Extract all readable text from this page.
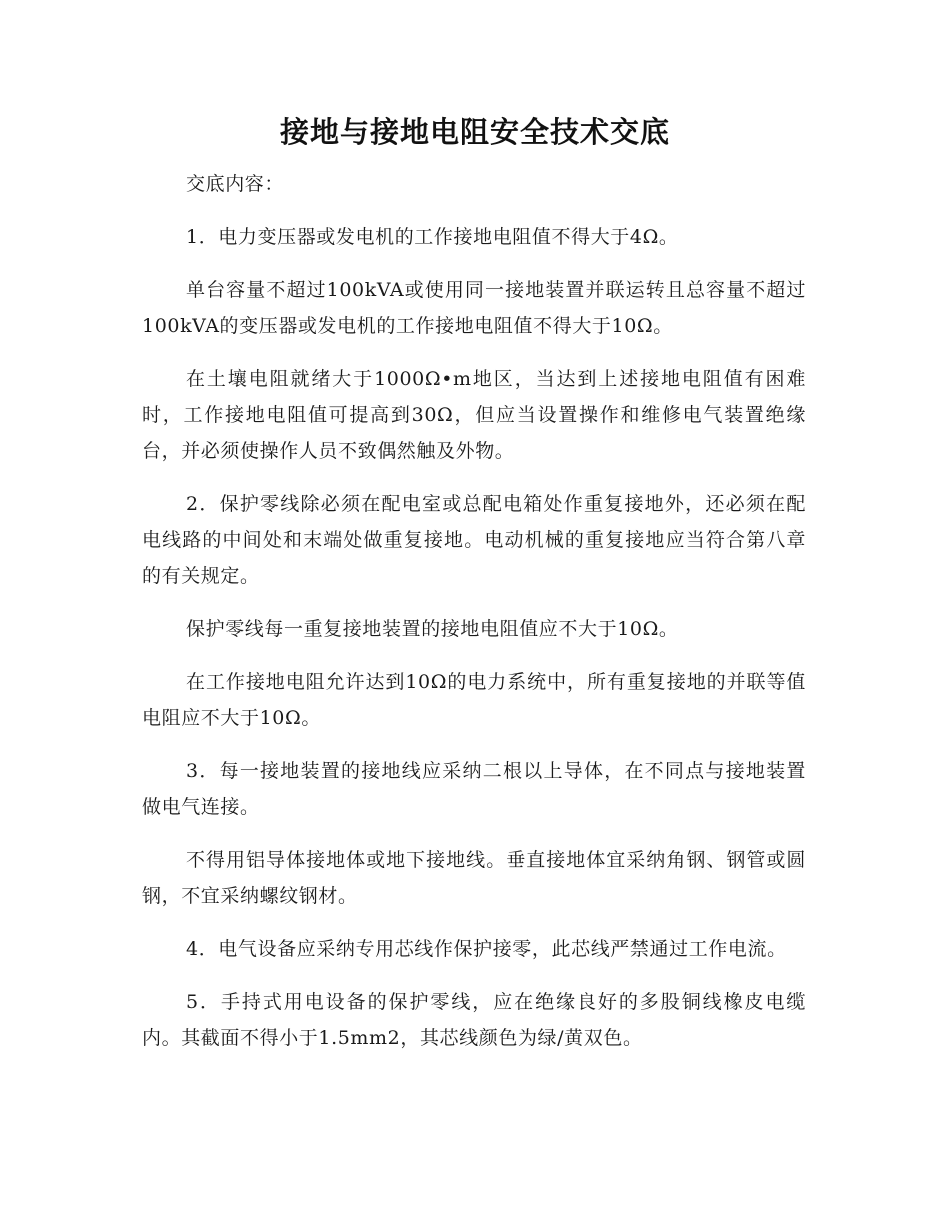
接地与接地电阻安全技术交底

交底内容：

1．电力变压器或发电机的工作接地电阻值不得大于4Ω。

单台容量不超过100kVA或使用同一接地装置并联运转且总容量不超过100kVA的变压器或发电机的工作接地电阻值不得大于10Ω。

在土壤电阻就绪大于1000Ω•m地区，当达到上述接地电阻值有困难时，工作接地电阻值可提高到30Ω，但应当设置操作和维修电气装置绝缘台，并必须使操作人员不致偶然触及外物。

2．保护零线除必须在配电室或总配电箱处作重复接地外，还必须在配电线路的中间处和末端处做重复接地。电动机械的重复接地应当符合第八章的有关规定。

保护零线每一重复接地装置的接地电阻值应不大于10Ω。

在工作接地电阻允许达到10Ω的电力系统中，所有重复接地的并联等值电阻应不大于10Ω。

3．每一接地装置的接地线应采纳二根以上导体，在不同点与接地装置做电气连接。

不得用铝导体接地体或地下接地线。垂直接地体宜采纳角钢、钢管或圆钢，不宜采纳螺纹钢材。

4．电气设备应采纳专用芯线作保护接零，此芯线严禁通过工作电流。

5．手持式用电设备的保护零线，应在绝缘良好的多股铜线橡皮电缆内。其截面不得小于1.5mm2，其芯线颜色为绿/黄双色。
